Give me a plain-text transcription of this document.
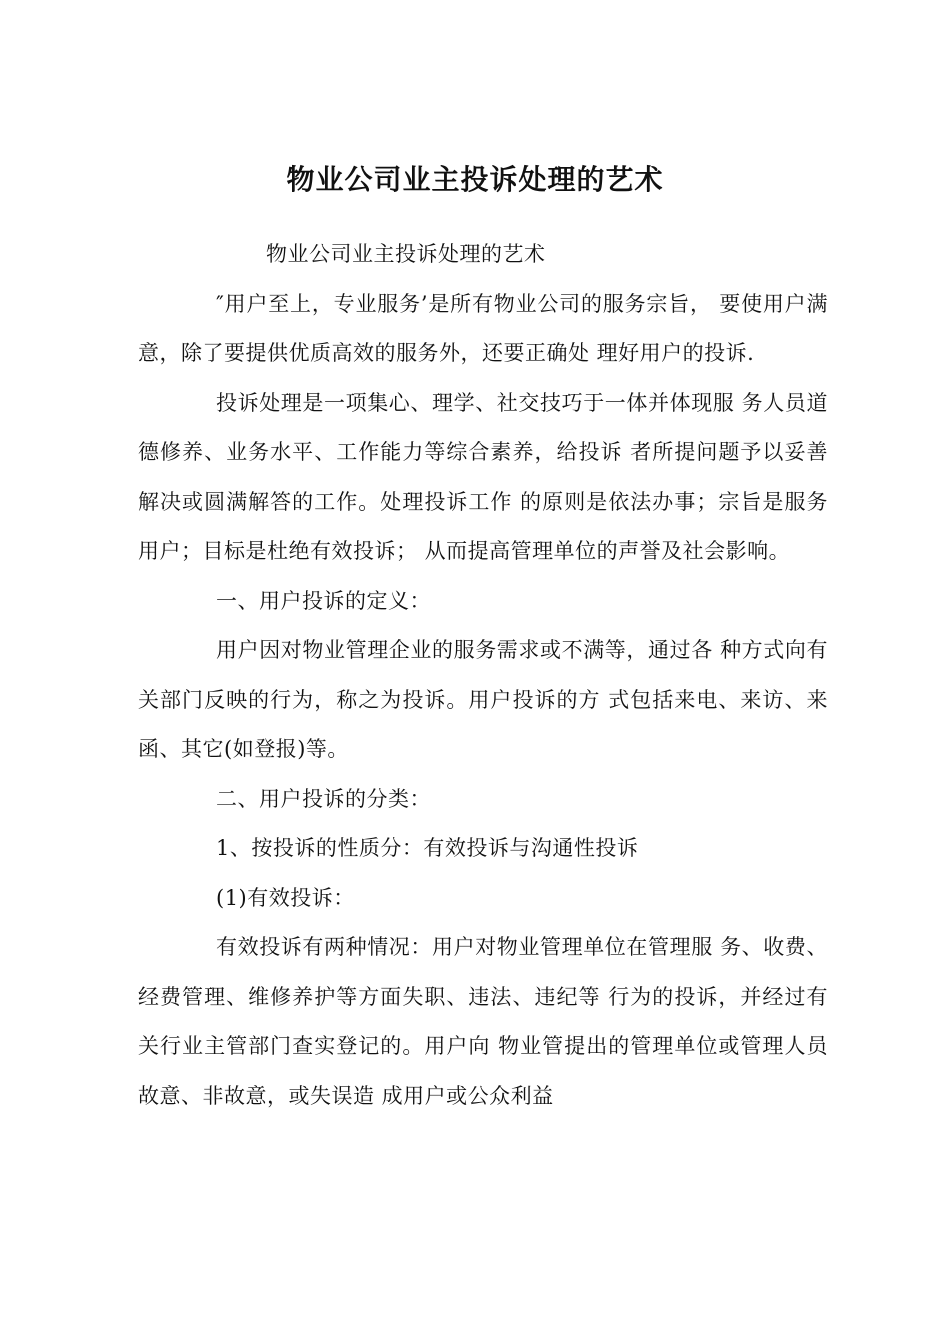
物业公司业主投诉处理的艺术

物业公司业主投诉处理的艺术

″用户至上，专业服务’是所有物业公司的服务宗旨， 要使用户满意，除了要提供优质高效的服务外，还要正确处 理好用户的投诉.

投诉处理是一项集心、理学、社交技巧于一体并体现服 务人员道德修养、业务水平、工作能力等综合素养，给投诉 者所提问题予以妥善解决或圆满解答的工作。处理投诉工作 的原则是依法办事；宗旨是服务用户；目标是杜绝有效投诉； 从而提高管理单位的声誉及社会影响。

一、用户投诉的定义：

用户因对物业管理企业的服务需求或不满等，通过各 种方式向有关部门反映的行为，称之为投诉。用户投诉的方 式包括来电、来访、来函、其它(如登报)等。

二、用户投诉的分类：

1、按投诉的性质分：有效投诉与沟通性投诉

(1)有效投诉：

有效投诉有两种情况：用户对物业管理单位在管理服 务、收费、经费管理、维修养护等方面失职、违法、违纪等 行为的投诉，并经过有关行业主管部门查实登记的。用户向 物业管提出的管理单位或管理人员故意、非故意，或失误造 成用户或公众利益
